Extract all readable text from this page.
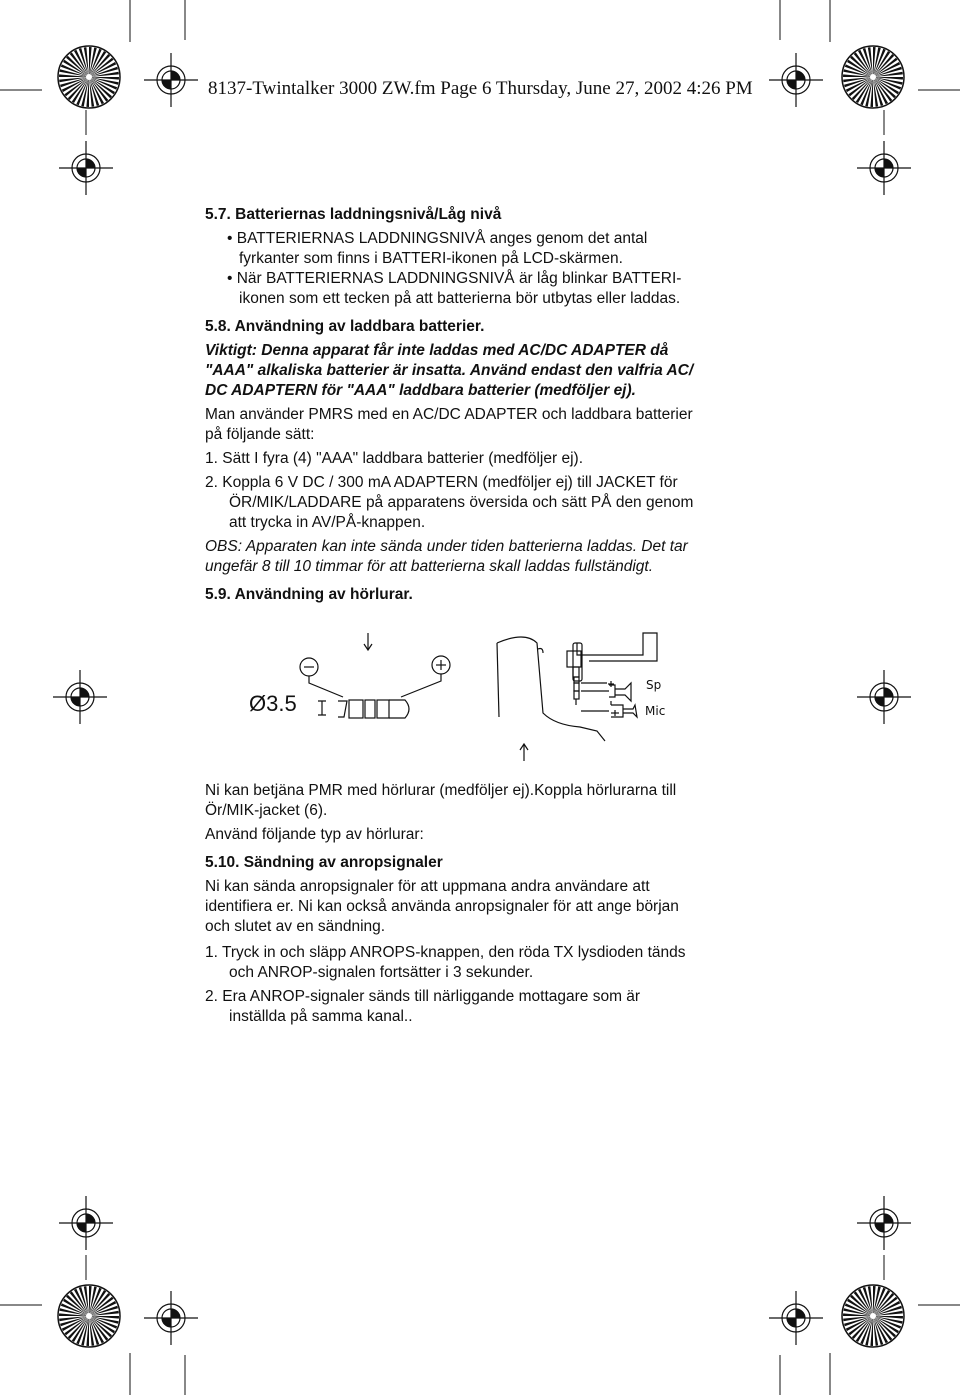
8137-Twintalker 3000 ZW.fm Page 6 Thursday, June 27, 2002 4:26 PM

5.7. Batteriernas laddningsnivå/Låg nivå

• BATTERIERNAS LADDNINGSNIVÅ anges genom det antal

fyrkanter som finns i BATTERI-ikonen på LCD-skärmen.

• När BATTERIERNAS LADDNINGSNIVÅ är låg blinkar BATTERI-

ikonen som ett tecken på att batterierna bör utbytas eller laddas.

5.8. Användning av laddbara batterier.

Viktigt: Denna apparat får inte laddas med AC/DC ADAPTER då

"AAA" alkaliska batterier är insatta. Använd endast den valfria AC/

DC ADAPTERN för "AAA" laddbara batterier (medföljer ej).

Man använder PMRS med en AC/DC ADAPTER och laddbara batterier

på följande sätt:

1. Sätt I fyra (4) "AAA" laddbara batterier (medföljer ej).

2. Koppla 6 V DC / 300 mA ADAPTERN (medföljer ej) till JACKET för

ÖR/MIK/LADDARE på apparatens översida och sätt PÅ den genom

att trycka in AV/PÅ-knappen.

OBS: Apparaten kan inte sända under tiden batterierna laddas. Det tar

ungefär 8 till 10 timmar för att batterierna skall laddas fullständigt.

5.9. Användning av hörlurar.

Ø3.5
Sp
Mic

Ni kan betjäna PMR med hörlurar (medföljer ej).Koppla hörlurarna till

Ör/MIK-jacket (6).

Använd följande typ av hörlurar:

5.10. Sändning av anropsignaler

Ni kan sända anropsignaler för att uppmana andra användare att

identifiera er. Ni kan också använda anropsignaler för att ange början

och slutet av en sändning.

1. Tryck in och släpp ANROPS-knappen, den röda TX lysdioden tänds

och ANROP-signalen fortsätter i 3 sekunder.

2. Era ANROP-signaler sänds till närliggande mottagare som är

inställda på samma kanal..
